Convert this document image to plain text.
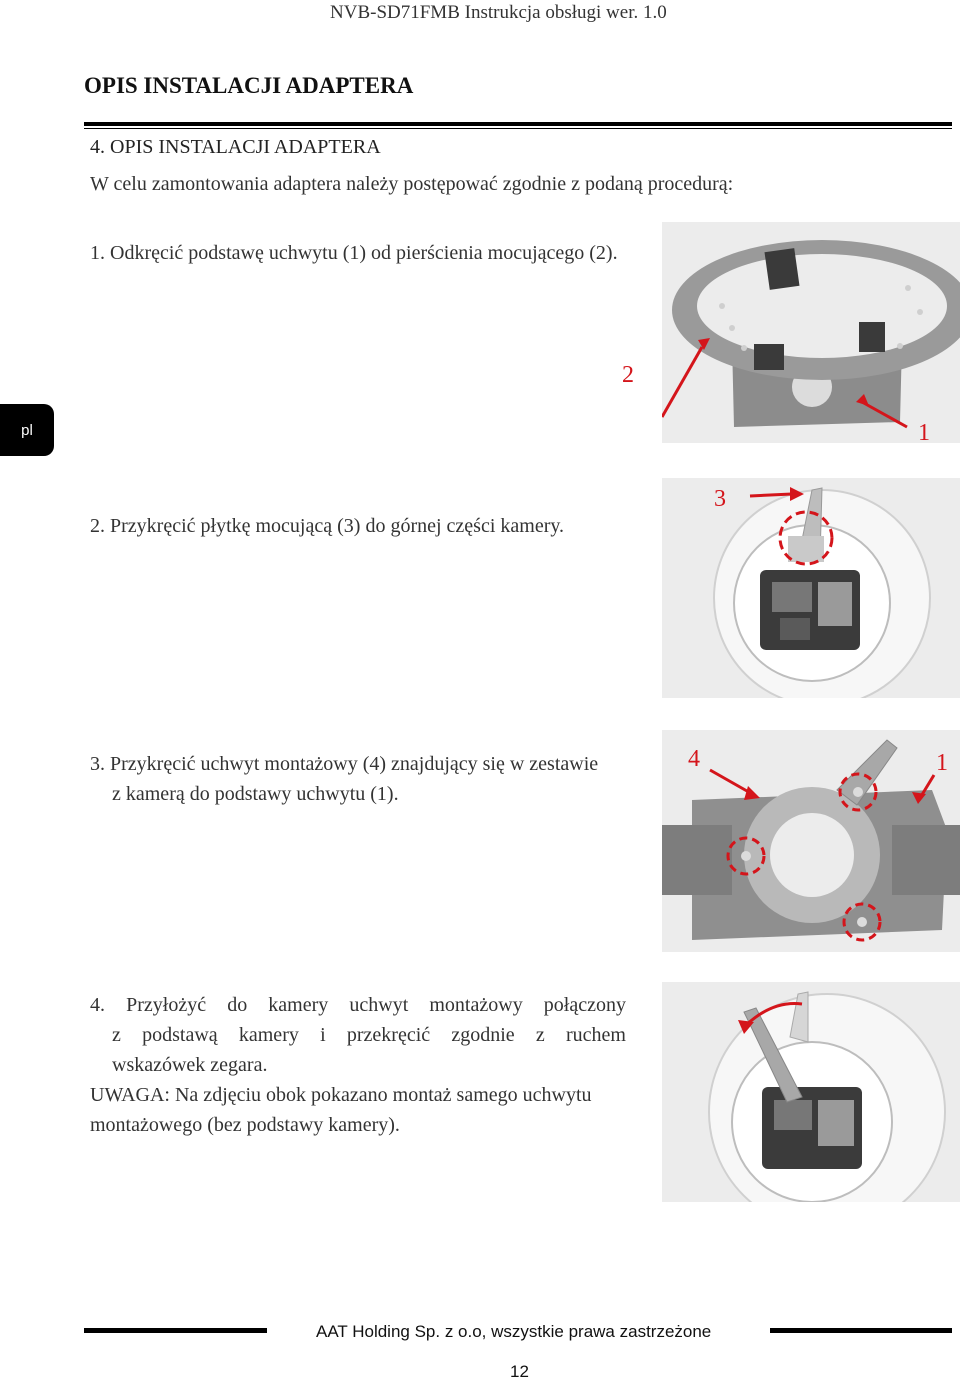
NVB-SD71FMB Instrukcja obsługi wer. 1.0
OPIS INSTALACJI ADAPTERA
4. OPIS INSTALACJI ADAPTERA
W celu zamontowania adaptera należy postępować zgodnie z podaną procedurą:
pl
1. Odkręcić podstawę uchwytu (1) od pierścienia mocującego (2).
1
2
2. Przykręcić płytkę mocującą (3) do górnej części kamery.
3
3. Przykręcić uchwyt montażowy (4) znajdujący się w zestawie
z kamerą do podstawy uchwytu (1).
4	1
4. Przyłożyć do kamery uchwyt montażowy połączony
z podstawą kamery i przekręcić zgodnie z ruchem
wskazówek zegara.
UWAGA: Na zdjęciu obok pokazano montaż samego uchwytu
montażowego (bez podstawy kamery).
AAT Holding Sp. z o.o, wszystkie prawa zastrzeżone
12
